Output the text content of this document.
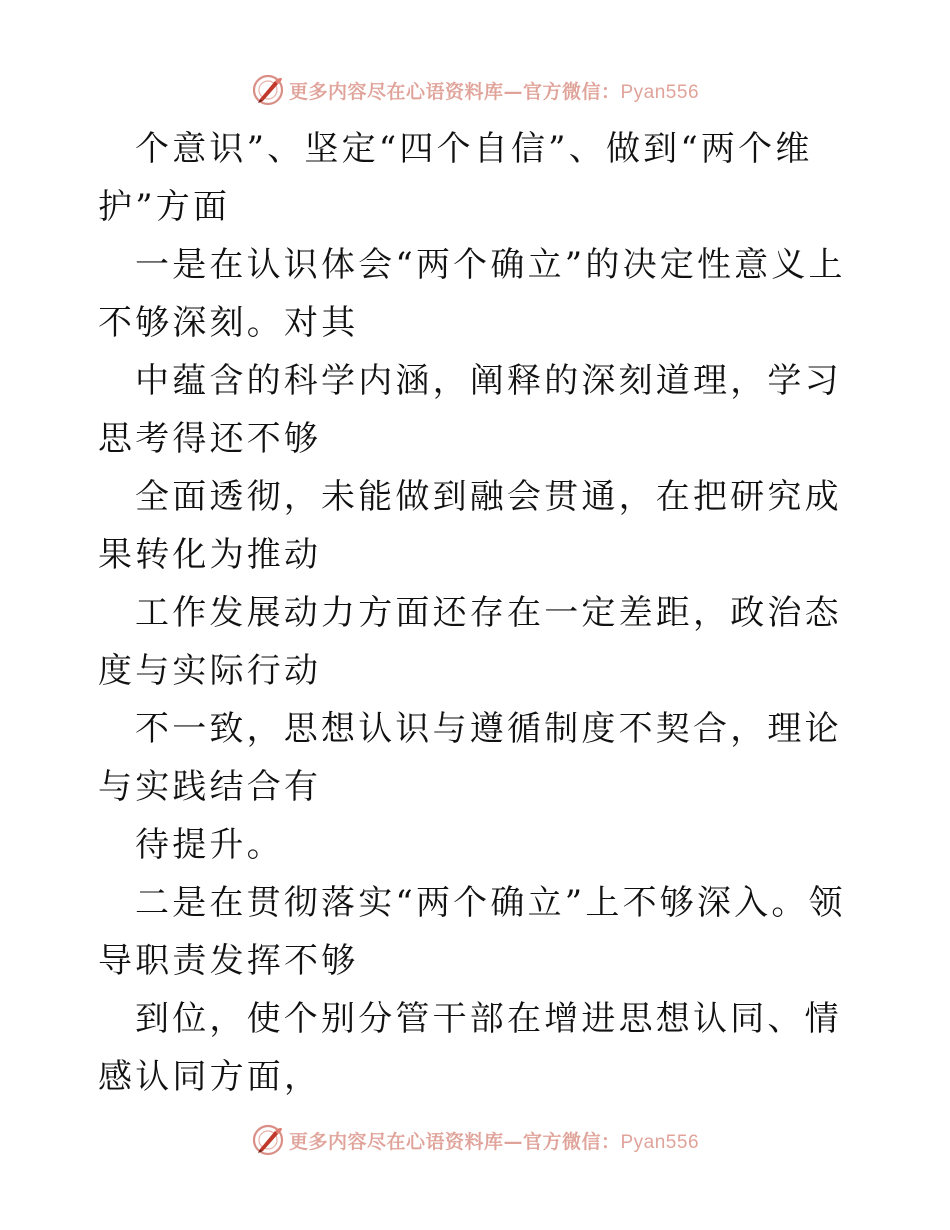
更多内容尽在心语资料库—官方微信：Pyan556

个意识”、坚定“四个自信”、做到“两个维护”方面

一是在认识体会“两个确立”的决定性意义上不够深刻。对其

中蕴含的科学内涵，阐释的深刻道理，学习思考得还不够

全面透彻，未能做到融会贯通，在把研究成果转化为推动

工作发展动力方面还存在一定差距，政治态度与实际行动

不一致，思想认识与遵循制度不契合，理论与实践结合有

待提升。

二是在贯彻落实“两个确立”上不够深入。领导职责发挥不够

到位，使个别分管干部在增进思想认同、情感认同方面，

更多内容尽在心语资料库—官方微信：Pyan556
